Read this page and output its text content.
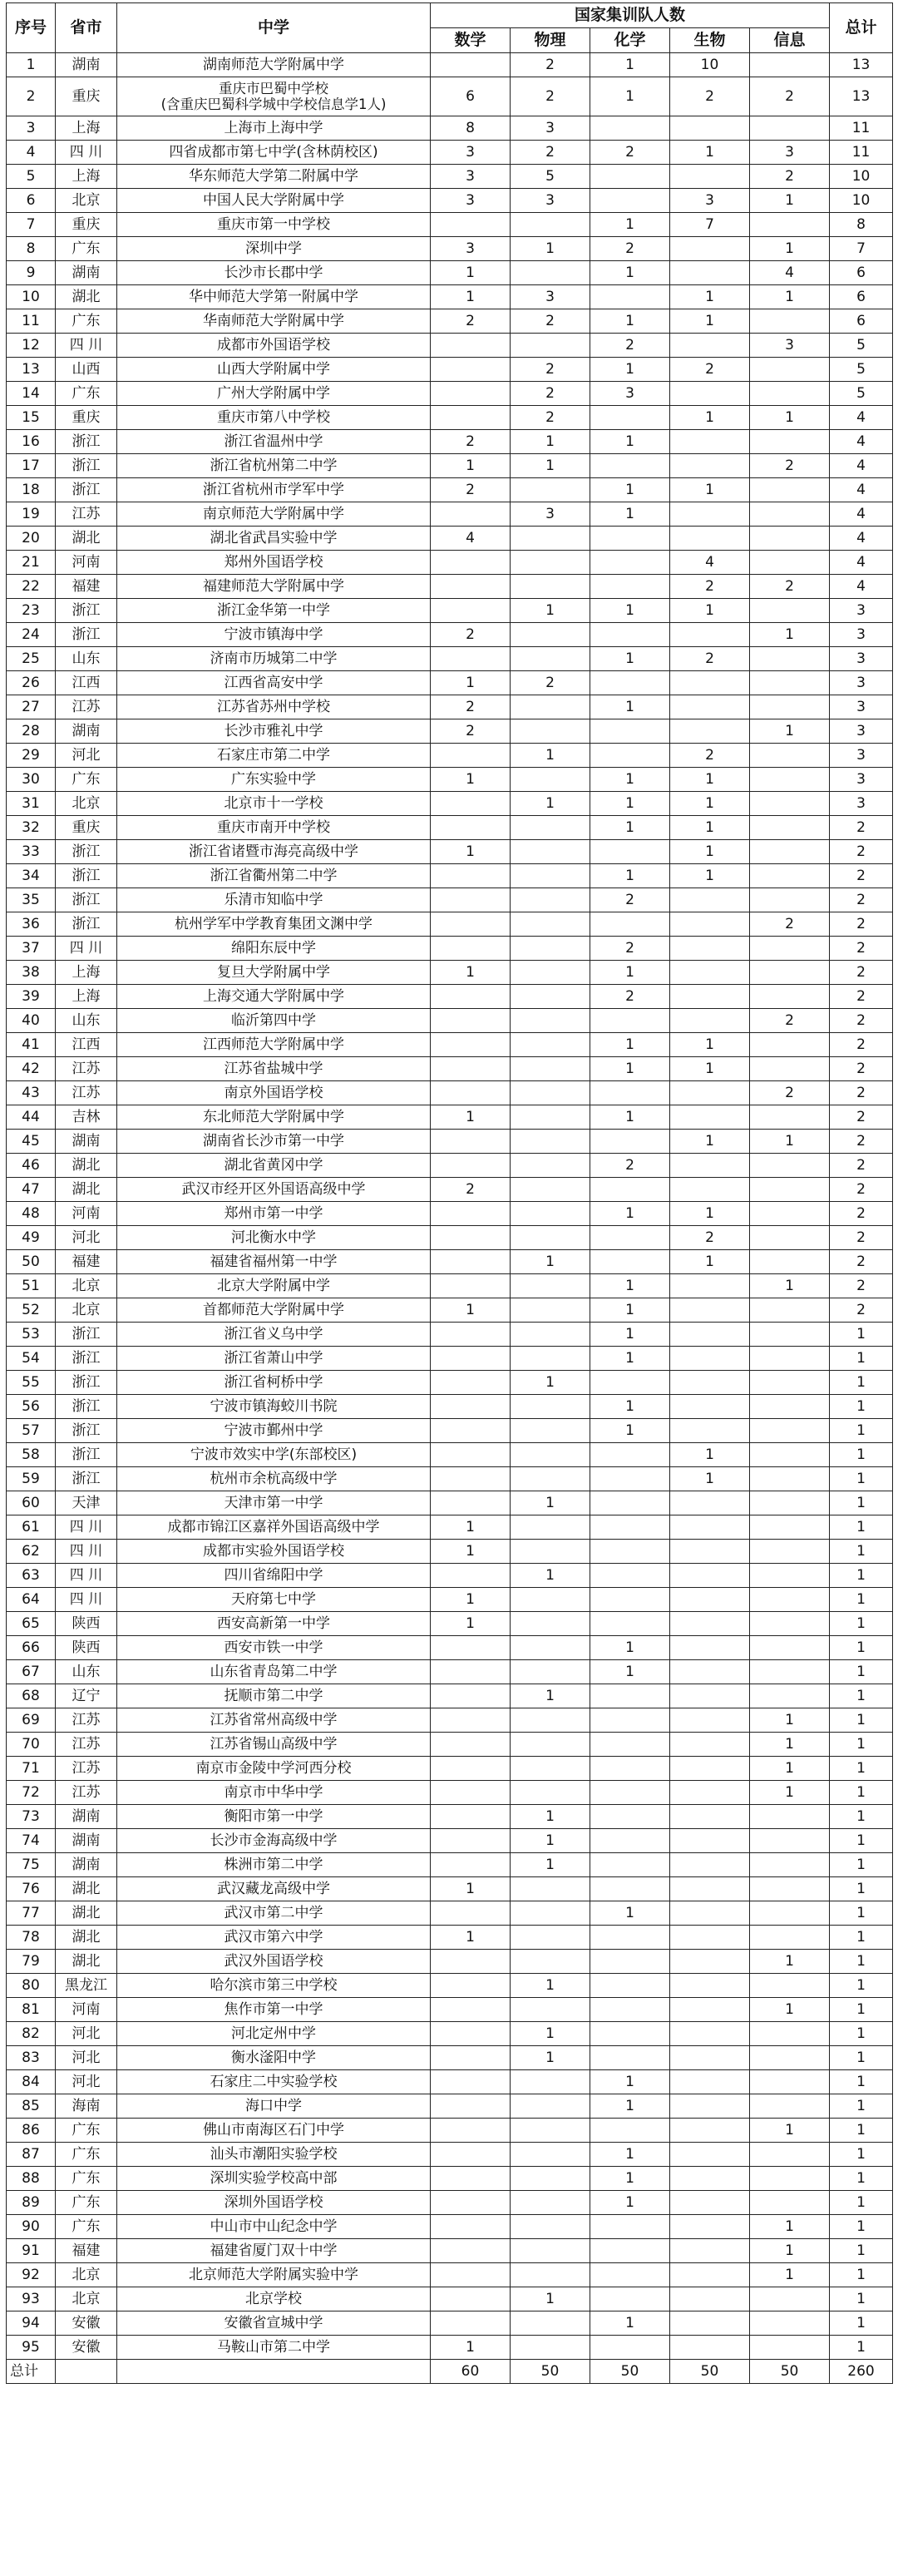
序号	省市	中学	国家集训队人数					总计
			数学	物理	化学	生物	信息	
1	湖南	湖南师范大学附属中学		2	1	10		13
2	重庆	重庆市巴蜀中学校
(含重庆巴蜀科学城中学校信息学1人)	6	2	1	2	2	13
3	上海	上海市上海中学	8	3				11
4	四 川	四省成都市第七中学(含林荫校区)	3	2	2	1	3	11
5	上海	华东师范大学第二附属中学	3	5			2	10
6	北京	中国人民大学附属中学	3	3		3	1	10
7	重庆	重庆市第一中学校			1	7		8
8	广东	深圳中学	3	1	2		1	7
9	湖南	长沙市长郡中学	1		1		4	6
10	湖北	华中师范大学第一附属中学	1	3		1	1	6
11	广东	华南师范大学附属中学	2	2	1	1		6
12	四 川	成都市外国语学校			2		3	5
13	山西	山西大学附属中学		2	1	2		5
14	广东	广州大学附属中学		2	3			5
15	重庆	重庆市第八中学校		2		1	1	4
16	浙江	浙江省温州中学	2	1	1			4
17	浙江	浙江省杭州第二中学	1	1			2	4
18	浙江	浙江省杭州市学军中学	2		1	1		4
19	江苏	南京师范大学附属中学		3	1			4
20	湖北	湖北省武昌实验中学	4					4
21	河南	郑州外国语学校				4		4
22	福建	福建师范大学附属中学				2	2	4
23	浙江	浙江金华第一中学		1	1	1		3
24	浙江	宁波市镇海中学	2				1	3
25	山东	济南市历城第二中学			1	2		3
26	江西	江西省高安中学	1	2				3
27	江苏	江苏省苏州中学校	2		1			3
28	湖南	长沙市雅礼中学	2				1	3
29	河北	石家庄市第二中学		1		2		3
30	广东	广东实验中学	1		1	1		3
31	北京	北京市十一学校		1	1	1		3
32	重庆	重庆市南开中学校			1	1		2
33	浙江	浙江省诸暨市海亮高级中学	1			1		2
34	浙江	浙江省衢州第二中学			1	1		2
35	浙江	乐清市知临中学			2			2
36	浙江	杭州学军中学教育集团文渊中学					2	2
37	四 川	绵阳东辰中学			2			2
38	上海	复旦大学附属中学	1		1			2
39	上海	上海交通大学附属中学			2			2
40	山东	临沂第四中学					2	2
41	江西	江西师范大学附属中学			1	1		2
42	江苏	江苏省盐城中学			1	1		2
43	江苏	南京外国语学校					2	2
44	吉林	东北师范大学附属中学	1		1			2
45	湖南	湖南省长沙市第一中学				1	1	2
46	湖北	湖北省黄冈中学			2			2
47	湖北	武汉市经开区外国语高级中学	2					2
48	河南	郑州市第一中学			1	1		2
49	河北	河北衡水中学				2		2
50	福建	福建省福州第一中学		1		1		2
51	北京	北京大学附属中学			1		1	2
52	北京	首都师范大学附属中学	1		1			2
53	浙江	浙江省义乌中学			1			1
54	浙江	浙江省萧山中学			1			1
55	浙江	浙江省柯桥中学		1				1
56	浙江	宁波市镇海蛟川书院			1			1
57	浙江	宁波市鄞州中学			1			1
58	浙江	宁波市效实中学(东部校区)				1		1
59	浙江	杭州市余杭高级中学				1		1
60	天津	天津市第一中学		1				1
61	四 川	成都市锦江区嘉祥外国语高级中学	1					1
62	四 川	成都市实验外国语学校	1					1
63	四 川	四川省绵阳中学		1				1
64	四 川	天府第七中学	1					1
65	陕西	西安高新第一中学	1					1
66	陕西	西安市铁一中学			1			1
67	山东	山东省青岛第二中学			1			1
68	辽宁	抚顺市第二中学		1				1
69	江苏	江苏省常州高级中学					1	1
70	江苏	江苏省锡山高级中学					1	1
71	江苏	南京市金陵中学河西分校					1	1
72	江苏	南京市中华中学					1	1
73	湖南	衡阳市第一中学		1				1
74	湖南	长沙市金海高级中学		1				1
75	湖南	株洲市第二中学		1				1
76	湖北	武汉藏龙高级中学	1					1
77	湖北	武汉市第二中学			1			1
78	湖北	武汉市第六中学	1					1
79	湖北	武汉外国语学校					1	1
80	黑龙江	哈尔滨市第三中学校		1				1
81	河南	焦作市第一中学					1	1
82	河北	河北定州中学		1				1
83	河北	衡水滏阳中学		1				1
84	河北	石家庄二中实验学校			1			1
85	海南	海口中学			1			1
86	广东	佛山市南海区石门中学					1	1
87	广东	汕头市潮阳实验学校			1			1
88	广东	深圳实验学校高中部			1			1
89	广东	深圳外国语学校			1			1
90	广东	中山市中山纪念中学					1	1
91	福建	福建省厦门双十中学					1	1
92	北京	北京师范大学附属实验中学					1	1
93	北京	北京学校		1				1
94	安徽	安徽省宣城中学			1			1
95	安徽	马鞍山市第二中学	1					1
总计			60	50	50	50	50	260
